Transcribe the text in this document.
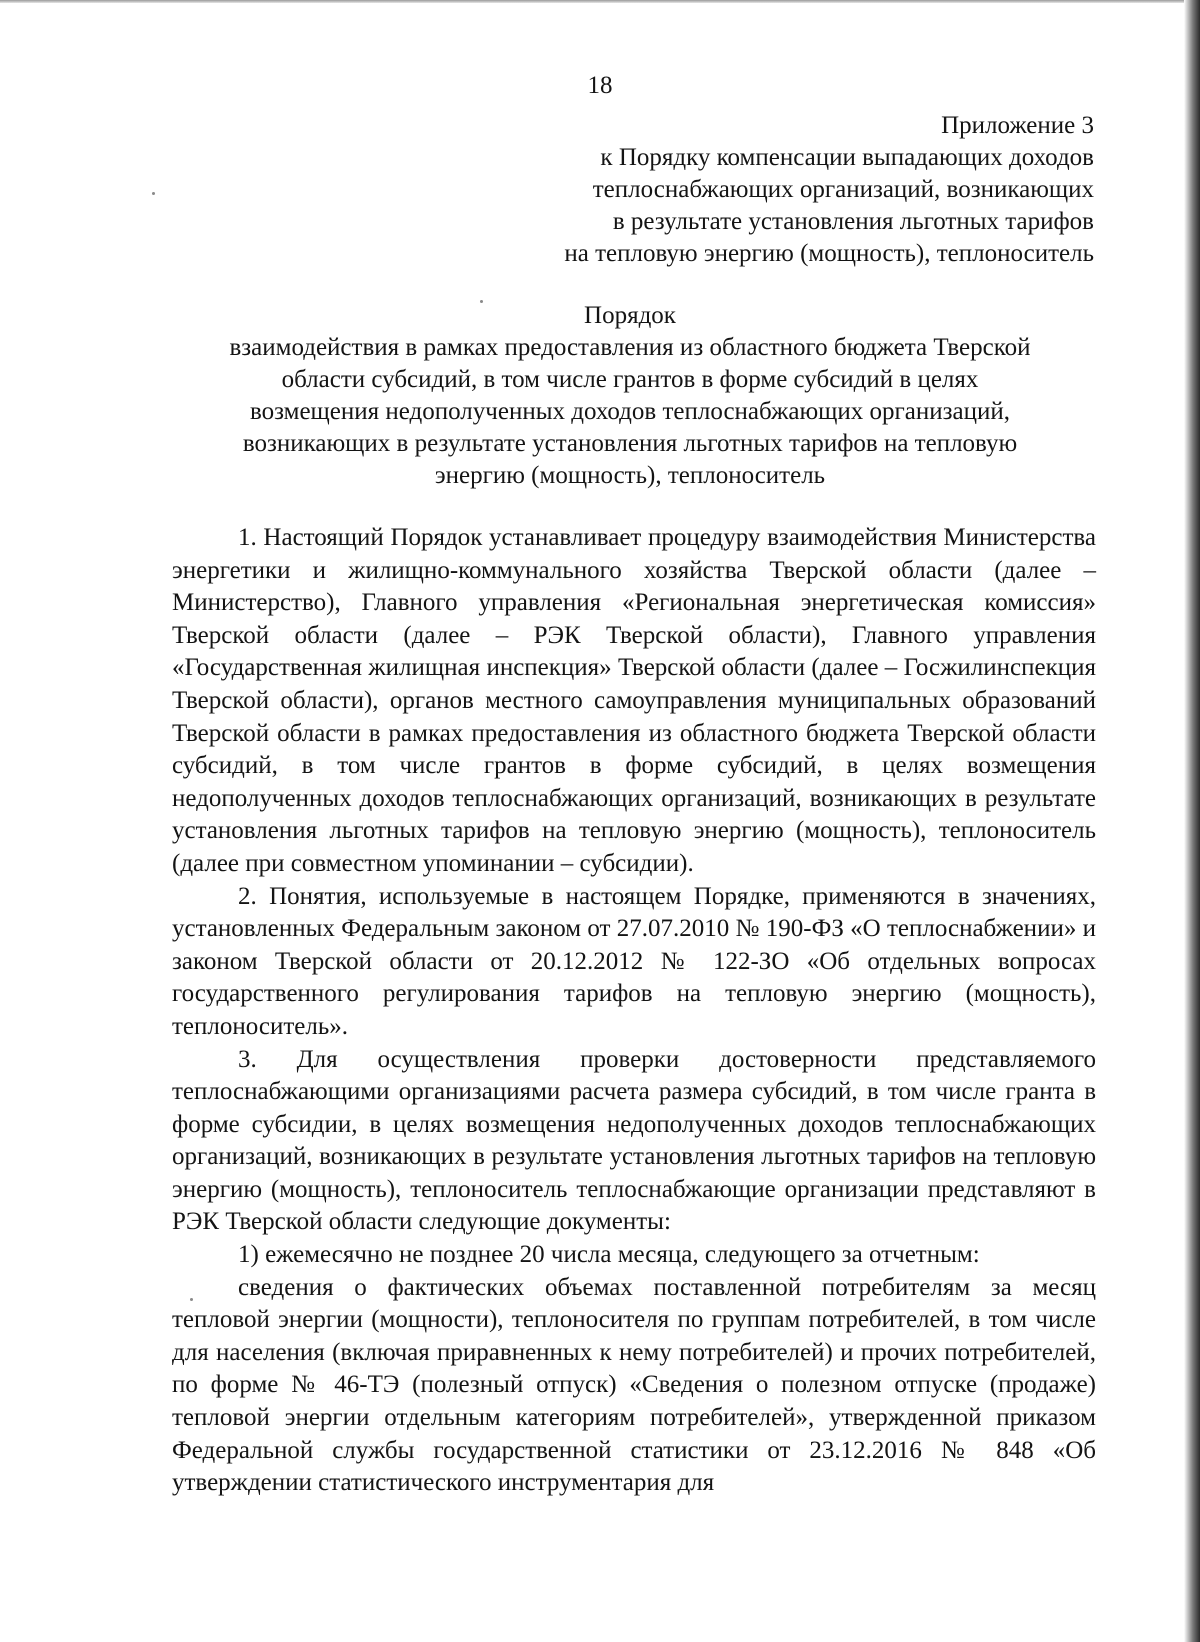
18
Приложение 3
к Порядку компенсации выпадающих доходов
теплоснабжающих организаций, возникающих
в результате установления льготных тарифов
на тепловую энергию (мощность), теплоноситель
Порядок
взаимодействия в рамках предоставления из областного бюджета Тверской
области субсидий, в том числе грантов в форме субсидий в целях
возмещения недополученных доходов теплоснабжающих организаций,
возникающих в результате установления льготных тарифов на тепловую
энергию (мощность), теплоноситель

1. Настоящий Порядок устанавливает процедуру взаимодействия Министерства энергетики и жилищно-коммунального хозяйства Тверской области (далее – Министерство), Главного управления «Региональная энергетическая комиссия» Тверской области (далее – РЭК Тверской области), Главного управления «Государственная жилищная инспекция» Тверской области (далее – Госжилинспекция Тверской области), органов местного самоуправления муниципальных образований Тверской области в рамках предоставления из областного бюджета Тверской области субсидий, в том числе грантов в форме субсидий, в целях возмещения недополученных доходов теплоснабжающих организаций, возникающих в результате установления льготных тарифов на тепловую энергию (мощность), теплоноситель (далее при совместном упоминании – субсидии).

2. Понятия, используемые в настоящем Порядке, применяются в значениях, установленных Федеральным законом от 27.07.2010 № 190-ФЗ «О теплоснабжении» и законом Тверской области от 20.12.2012 № 122-ЗО «Об отдельных вопросах государственного регулирования тарифов на тепловую энергию (мощность), теплоноситель».

3. Для осуществления проверки достоверности представляемого теплоснабжающими организациями расчета размера субсидий, в том числе гранта в форме субсидии, в целях возмещения недополученных доходов теплоснабжающих организаций, возникающих в результате установления льготных тарифов на тепловую энергию (мощность), теплоноситель теплоснабжающие организации представляют в РЭК Тверской области следующие документы:

1) ежемесячно не позднее 20 числа месяца, следующего за отчетным:

сведения о фактических объемах поставленной потребителям за месяц тепловой энергии (мощности), теплоносителя по группам потребителей, в том числе для населения (включая приравненных к нему потребителей) и прочих потребителей, по форме № 46-ТЭ (полезный отпуск) «Сведения о полезном отпуске (продаже) тепловой энергии отдельным категориям потребителей», утвержденной приказом Федеральной службы государственной статистики от 23.12.2016 № 848 «Об утверждении статистического инструментария для
